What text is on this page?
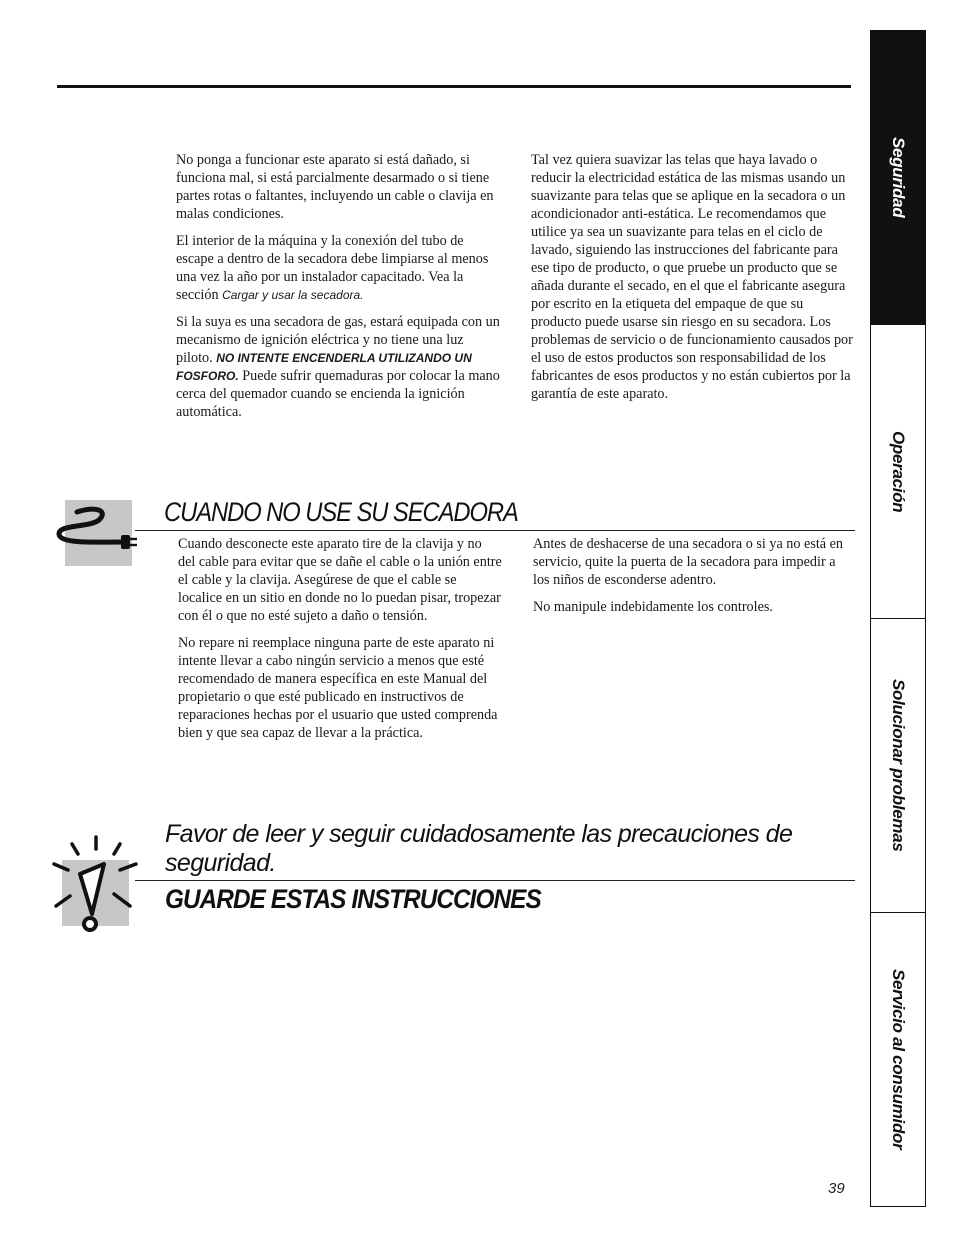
No ponga a funcionar este aparato si está dañado, si funciona mal, si está parcialmente desarmado o si tiene partes rotas o faltantes, incluyendo un cable o clavija en malas condiciones.

El interior de la máquina y la conexión del tubo de escape a dentro de la secadora debe limpiarse al menos una vez la año por un instalador capacitado. Vea la sección Cargar y usar la secadora.

Si la suya es una secadora de gas, estará equipada con un mecanismo de ignición eléctrica y no tiene una luz piloto. NO INTENTE ENCENDERLA UTILIZANDO UN FOSFORO. Puede sufrir quemaduras por colocar la mano cerca del quemador cuando se encienda la ignición automática.

Tal vez quiera suavizar las telas que haya lavado o reducir la electricidad estática de las mismas usando un suavizante para telas que se aplique en la secadora o un acondicionador anti-estática. Le recomendamos que utilice ya sea un suavizante para telas en el ciclo de lavado, siguiendo las instrucciones del fabricante para ese tipo de producto, o que pruebe un producto que se añada durante el secado, en el que el fabricante asegura por escrito en la etiqueta del empaque de que su producto puede usarse sin riesgo en su secadora. Los problemas de servicio o de funcionamiento causados por el uso de estos productos son responsabilidad de los fabricantes de esos productos y no están cubiertos por la garantía de este aparato.

CUANDO NO USE SU SECADORA

Cuando desconecte este aparato tire de la clavija y no del cable para evitar que se dañe el cable o la unión entre el cable y la clavija. Asegúrese de que el cable se localice en un sitio en donde no lo puedan pisar, tropezar con él o que no esté sujeto a daño o tensión.

No repare ni reemplace ninguna parte de este aparato ni intente llevar a cabo ningún servicio a menos que esté recomendado de manera específica en este Manual del propietario o que esté publicado en instructivos de reparaciones hechas por el usuario que usted comprenda bien y que sea capaz de llevar a la práctica.

Antes de deshacerse de una secadora o si ya no está en servicio, quite la puerta de la secadora para impedir a los niños de esconderse adentro.

No manipule indebidamente los controles.

Favor de leer y seguir cuidadosamente las precauciones de seguridad.
GUARDE ESTAS INSTRUCCIONES
Seguridad
Operación
Solucionar problemas
Servicio al consumidor
39
